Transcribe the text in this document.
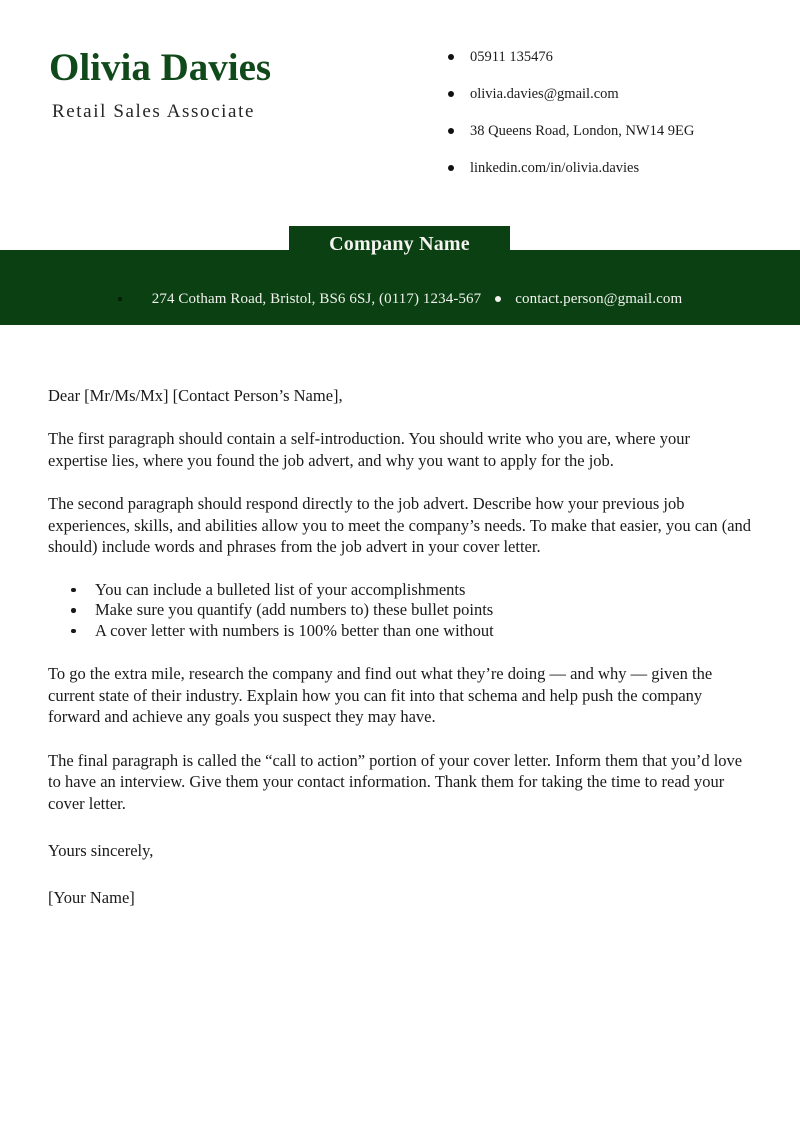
Olivia Davies
Retail Sales Associate
05911 135476
olivia.davies@gmail.com
38 Queens Road, London, NW14 9EG
linkedin.com/in/olivia.davies
Company Name
274 Cotham Road, Bristol, BS6 6SJ, (0117) 1234-567 contact.person@gmail.com

Dear [Mr/Ms/Mx] [Contact Person’s Name],

The first paragraph should contain a self-introduction. You should write who you are, where your expertise lies, where you found the job advert, and why you want to apply for the job.

The second paragraph should respond directly to the job advert. Describe how your previous job experiences, skills, and abilities allow you to meet the company’s needs. To make that easier, you can (and should) include words and phrases from the job advert in your cover letter.

You can include a bulleted list of your accomplishments
Make sure you quantify (add numbers to) these bullet points
A cover letter with numbers is 100% better than one without

To go the extra mile, research the company and find out what they’re doing — and why — given the current state of their industry. Explain how you can fit into that schema and help push the company forward and achieve any goals you suspect they may have.

The final paragraph is called the “call to action” portion of your cover letter. Inform them that you’d love to have an interview. Give them your contact information. Thank them for taking the time to read your cover letter.

Yours sincerely,

[Your Name]
